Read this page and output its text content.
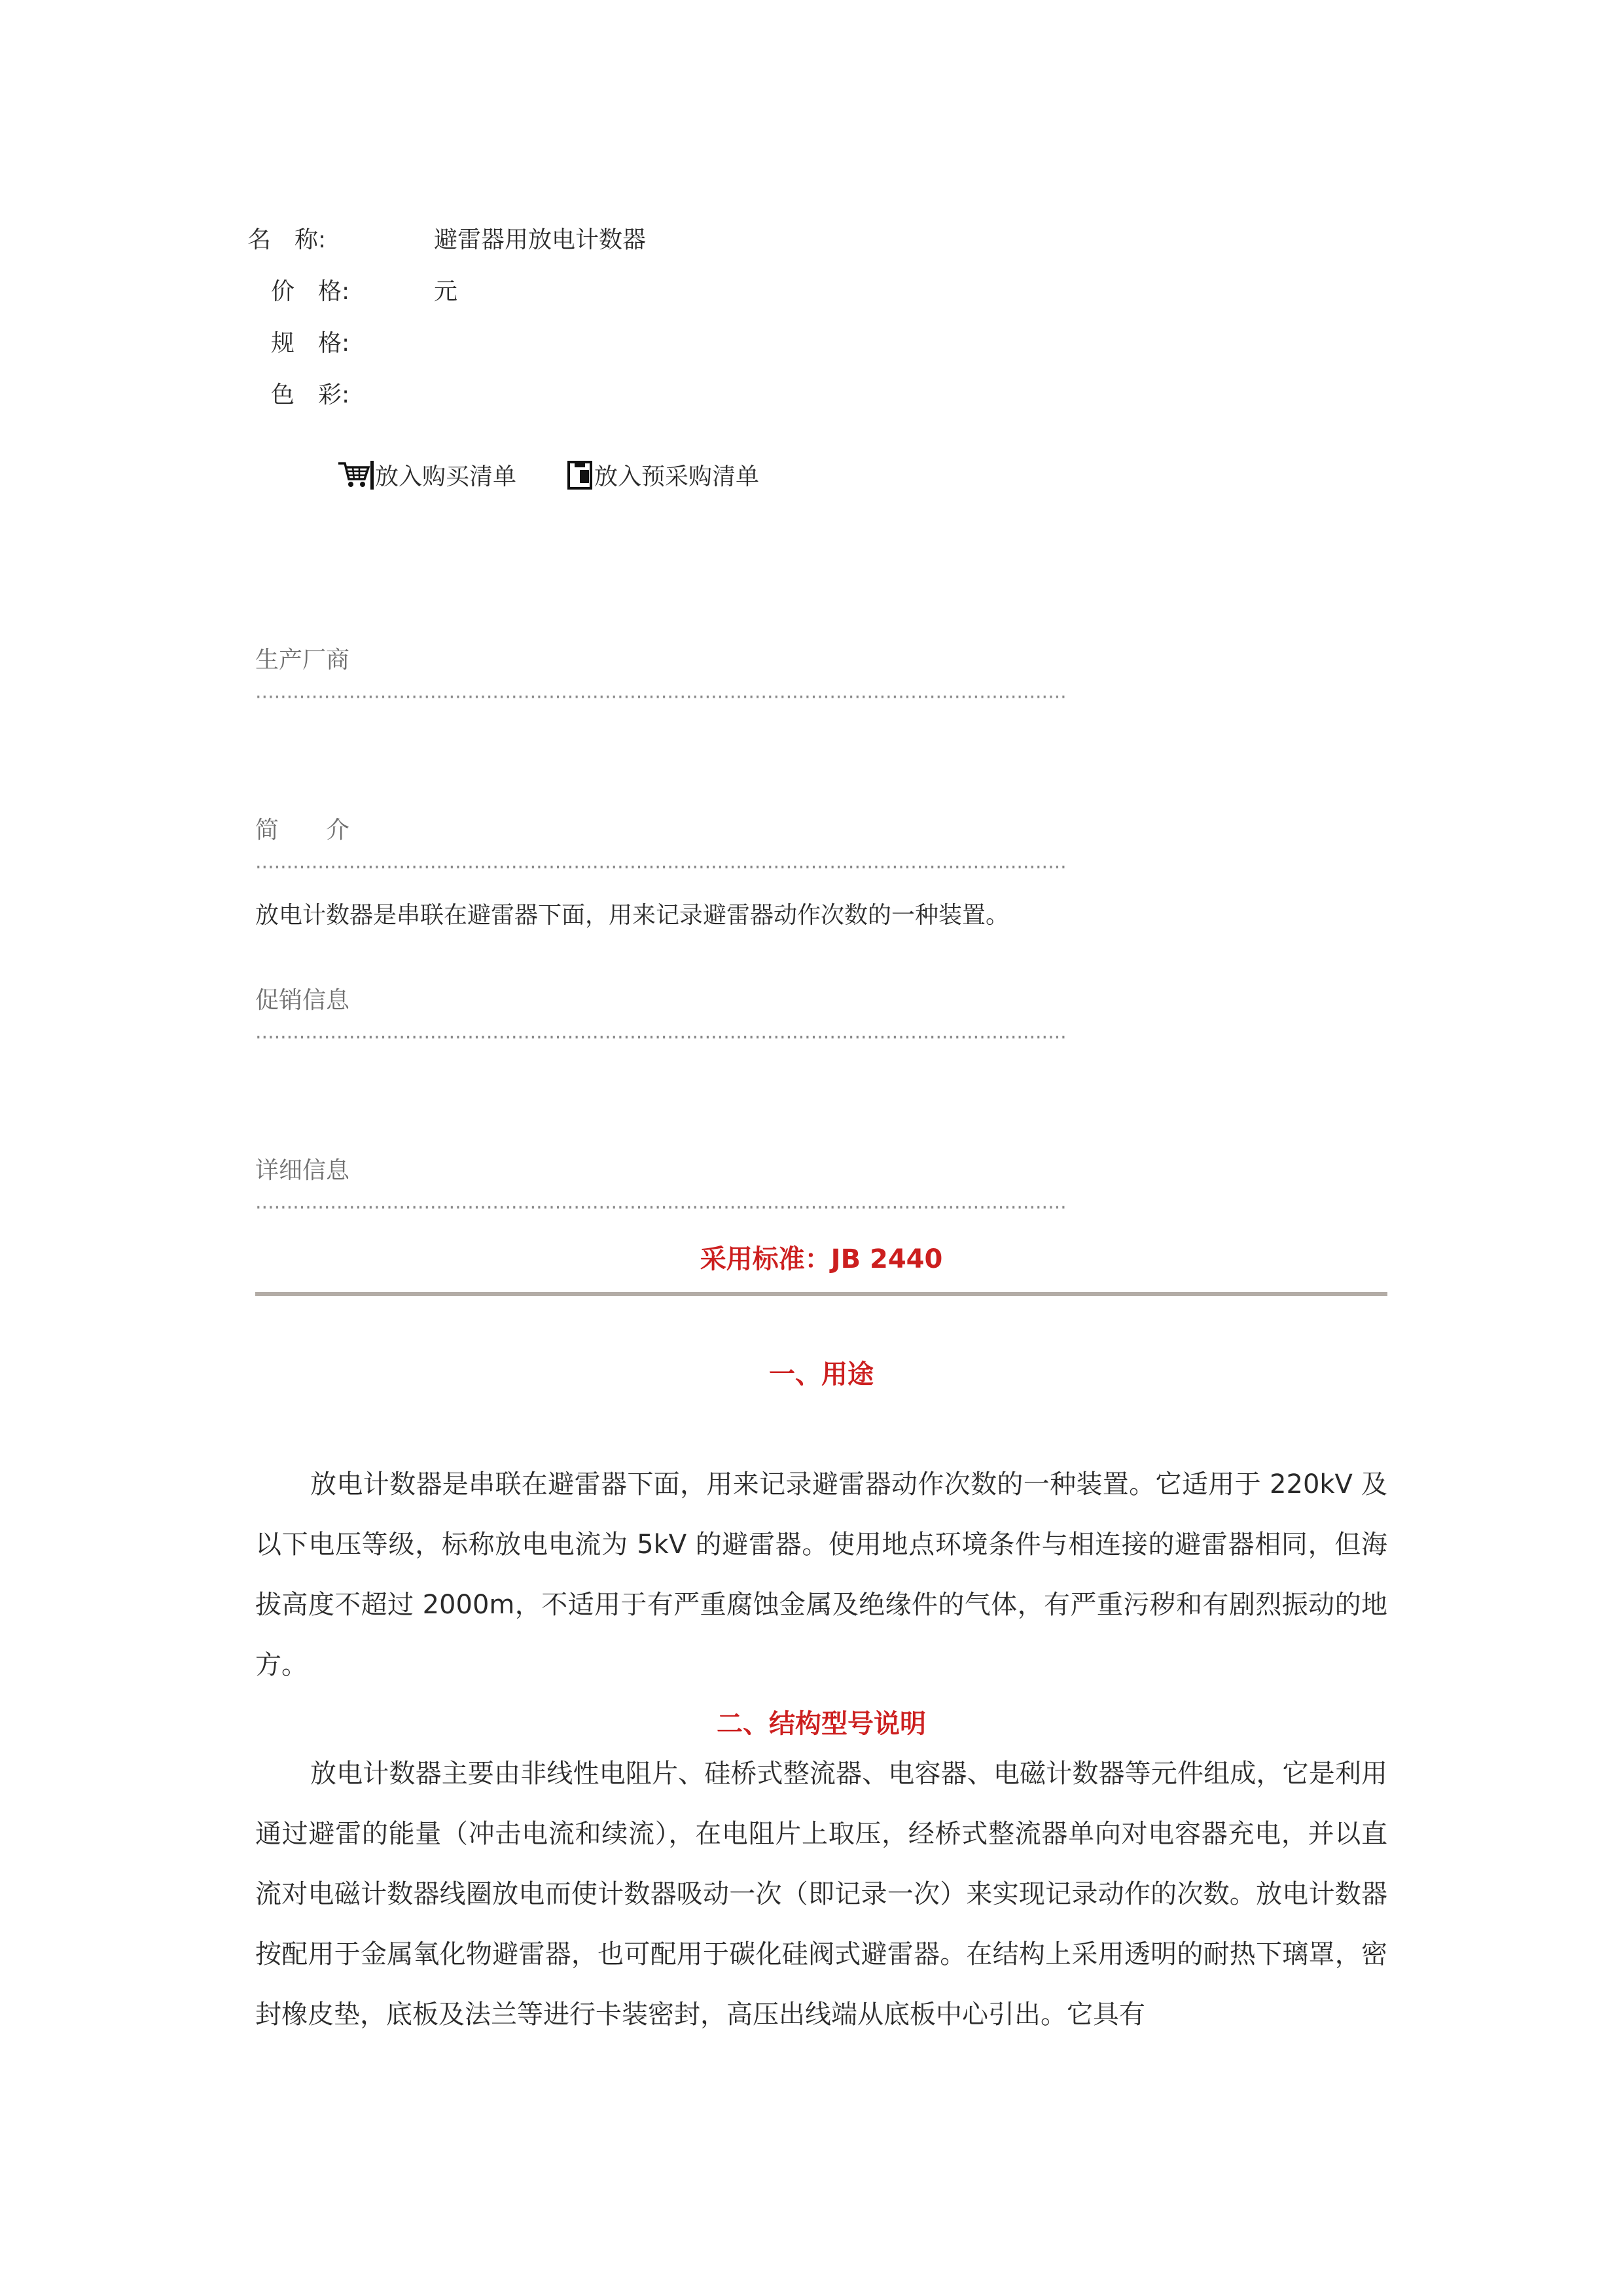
名　称:	避雷器用放电计数器
价　格:	元
规　格:
色　彩:
放入购买清单	放入预采购清单
生产厂商
··································································································································
简　　介
··································································································································
放电计数器是串联在避雷器下面，用来记录避雷器动作次数的一种装置。
促销信息
··································································································································
详细信息
··································································································································
采用标准：JB 2440
一、用途
放电计数器是串联在避雷器下面，用来记录避雷器动作次数的一种装置。它适用于 220kV 及以下电压等级，标称放电电流为 5kV 的避雷器。使用地点环境条件与相连接的避雷器相同，但海拔高度不超过 2000m，不适用于有严重腐蚀金属及绝缘件的气体，有严重污秽和有剧烈振动的地方。
二、结构型号说明
放电计数器主要由非线性电阻片、硅桥式整流器、电容器、电磁计数器等元件组成，它是利用通过避雷的能量（冲击电流和续流），在电阻片上取压，经桥式整流器单向对电容器充电，并以直流对电磁计数器线圈放电而使计数器吸动一次（即记录一次）来实现记录动作的次数。放电计数器按配用于金属氧化物避雷器，也可配用于碳化硅阀式避雷器。在结构上采用透明的耐热下璃罩，密封橡皮垫，底板及法兰等进行卡装密封，高压出线端从底板中心引出。它具有
